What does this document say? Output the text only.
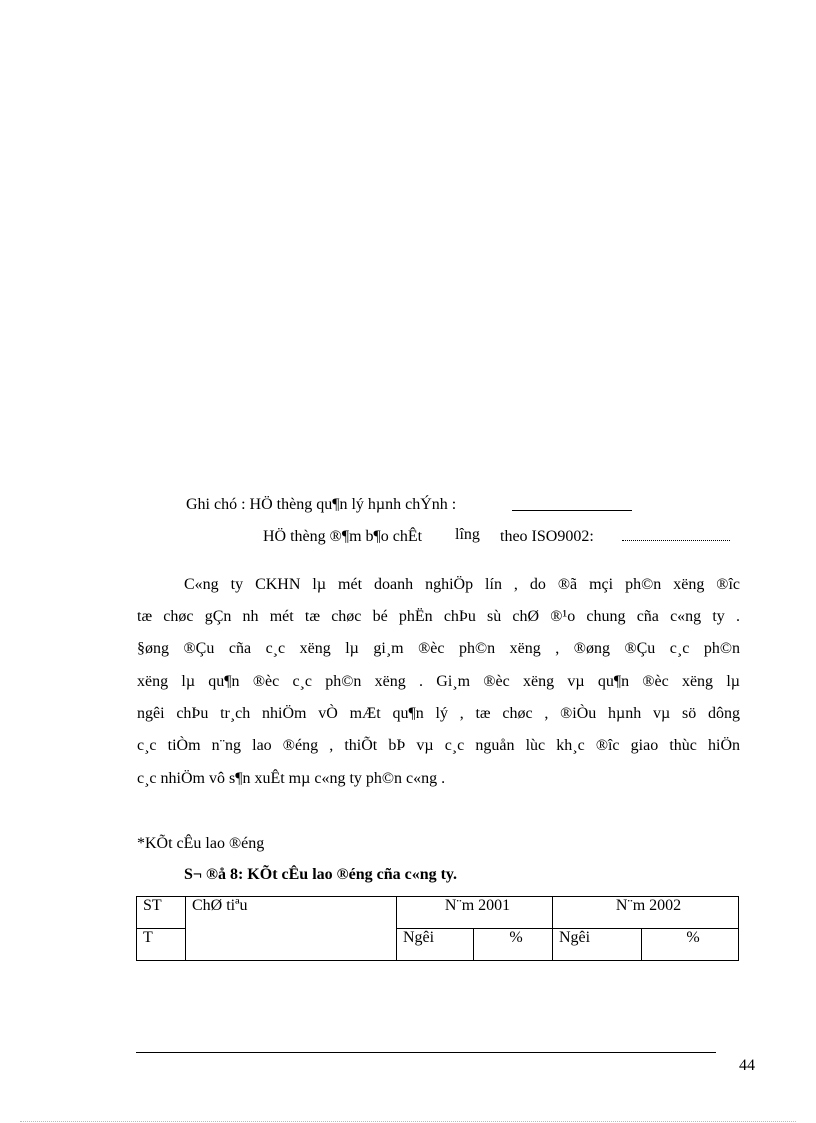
Ghi chó : HÖ thèng qu¶n lý hµnh chÝnh :
HÖ thèng ®¶m b¶o chÊt lîng theo ISO9002:
C«ng ty CKHN lµ mét doanh nghiÖp lín , do ®ã mçi ph©n xëng ®îc
tæ chøc gÇn nh mét tæ chøc bé phËn chÞu sù chØ ®¹o chung cña c«ng ty .
§øng ®Çu cña c¸c xëng lµ gi¸m ®èc ph©n xëng , ®øng ®Çu c¸c ph©n
xëng lµ qu¶n ®èc c¸c ph©n xëng . Gi¸m ®èc xëng vµ qu¶n ®èc xëng lµ
ngêi chÞu tr¸ch nhiÖm vÒ mÆt qu¶n lý , tæ chøc , ®iÒu hµnh vµ sö dông
c¸c tiÒm n¨ng lao ®éng , thiÕt bÞ vµ c¸c nguån lùc kh¸c ®îc giao thùc hiÖn
c¸c nhiÖm vô s¶n xuÊt mµ c«ng ty ph©n c«ng .
*KÕt cÊu lao ®éng
S¬ ®å 8: KÕt cÊu lao ®éng cña c«ng ty.
ST	ChØ tiªu	N¨m 2001		N¨m 2002	
T		Ngêi	%	Ngêi	%
44
